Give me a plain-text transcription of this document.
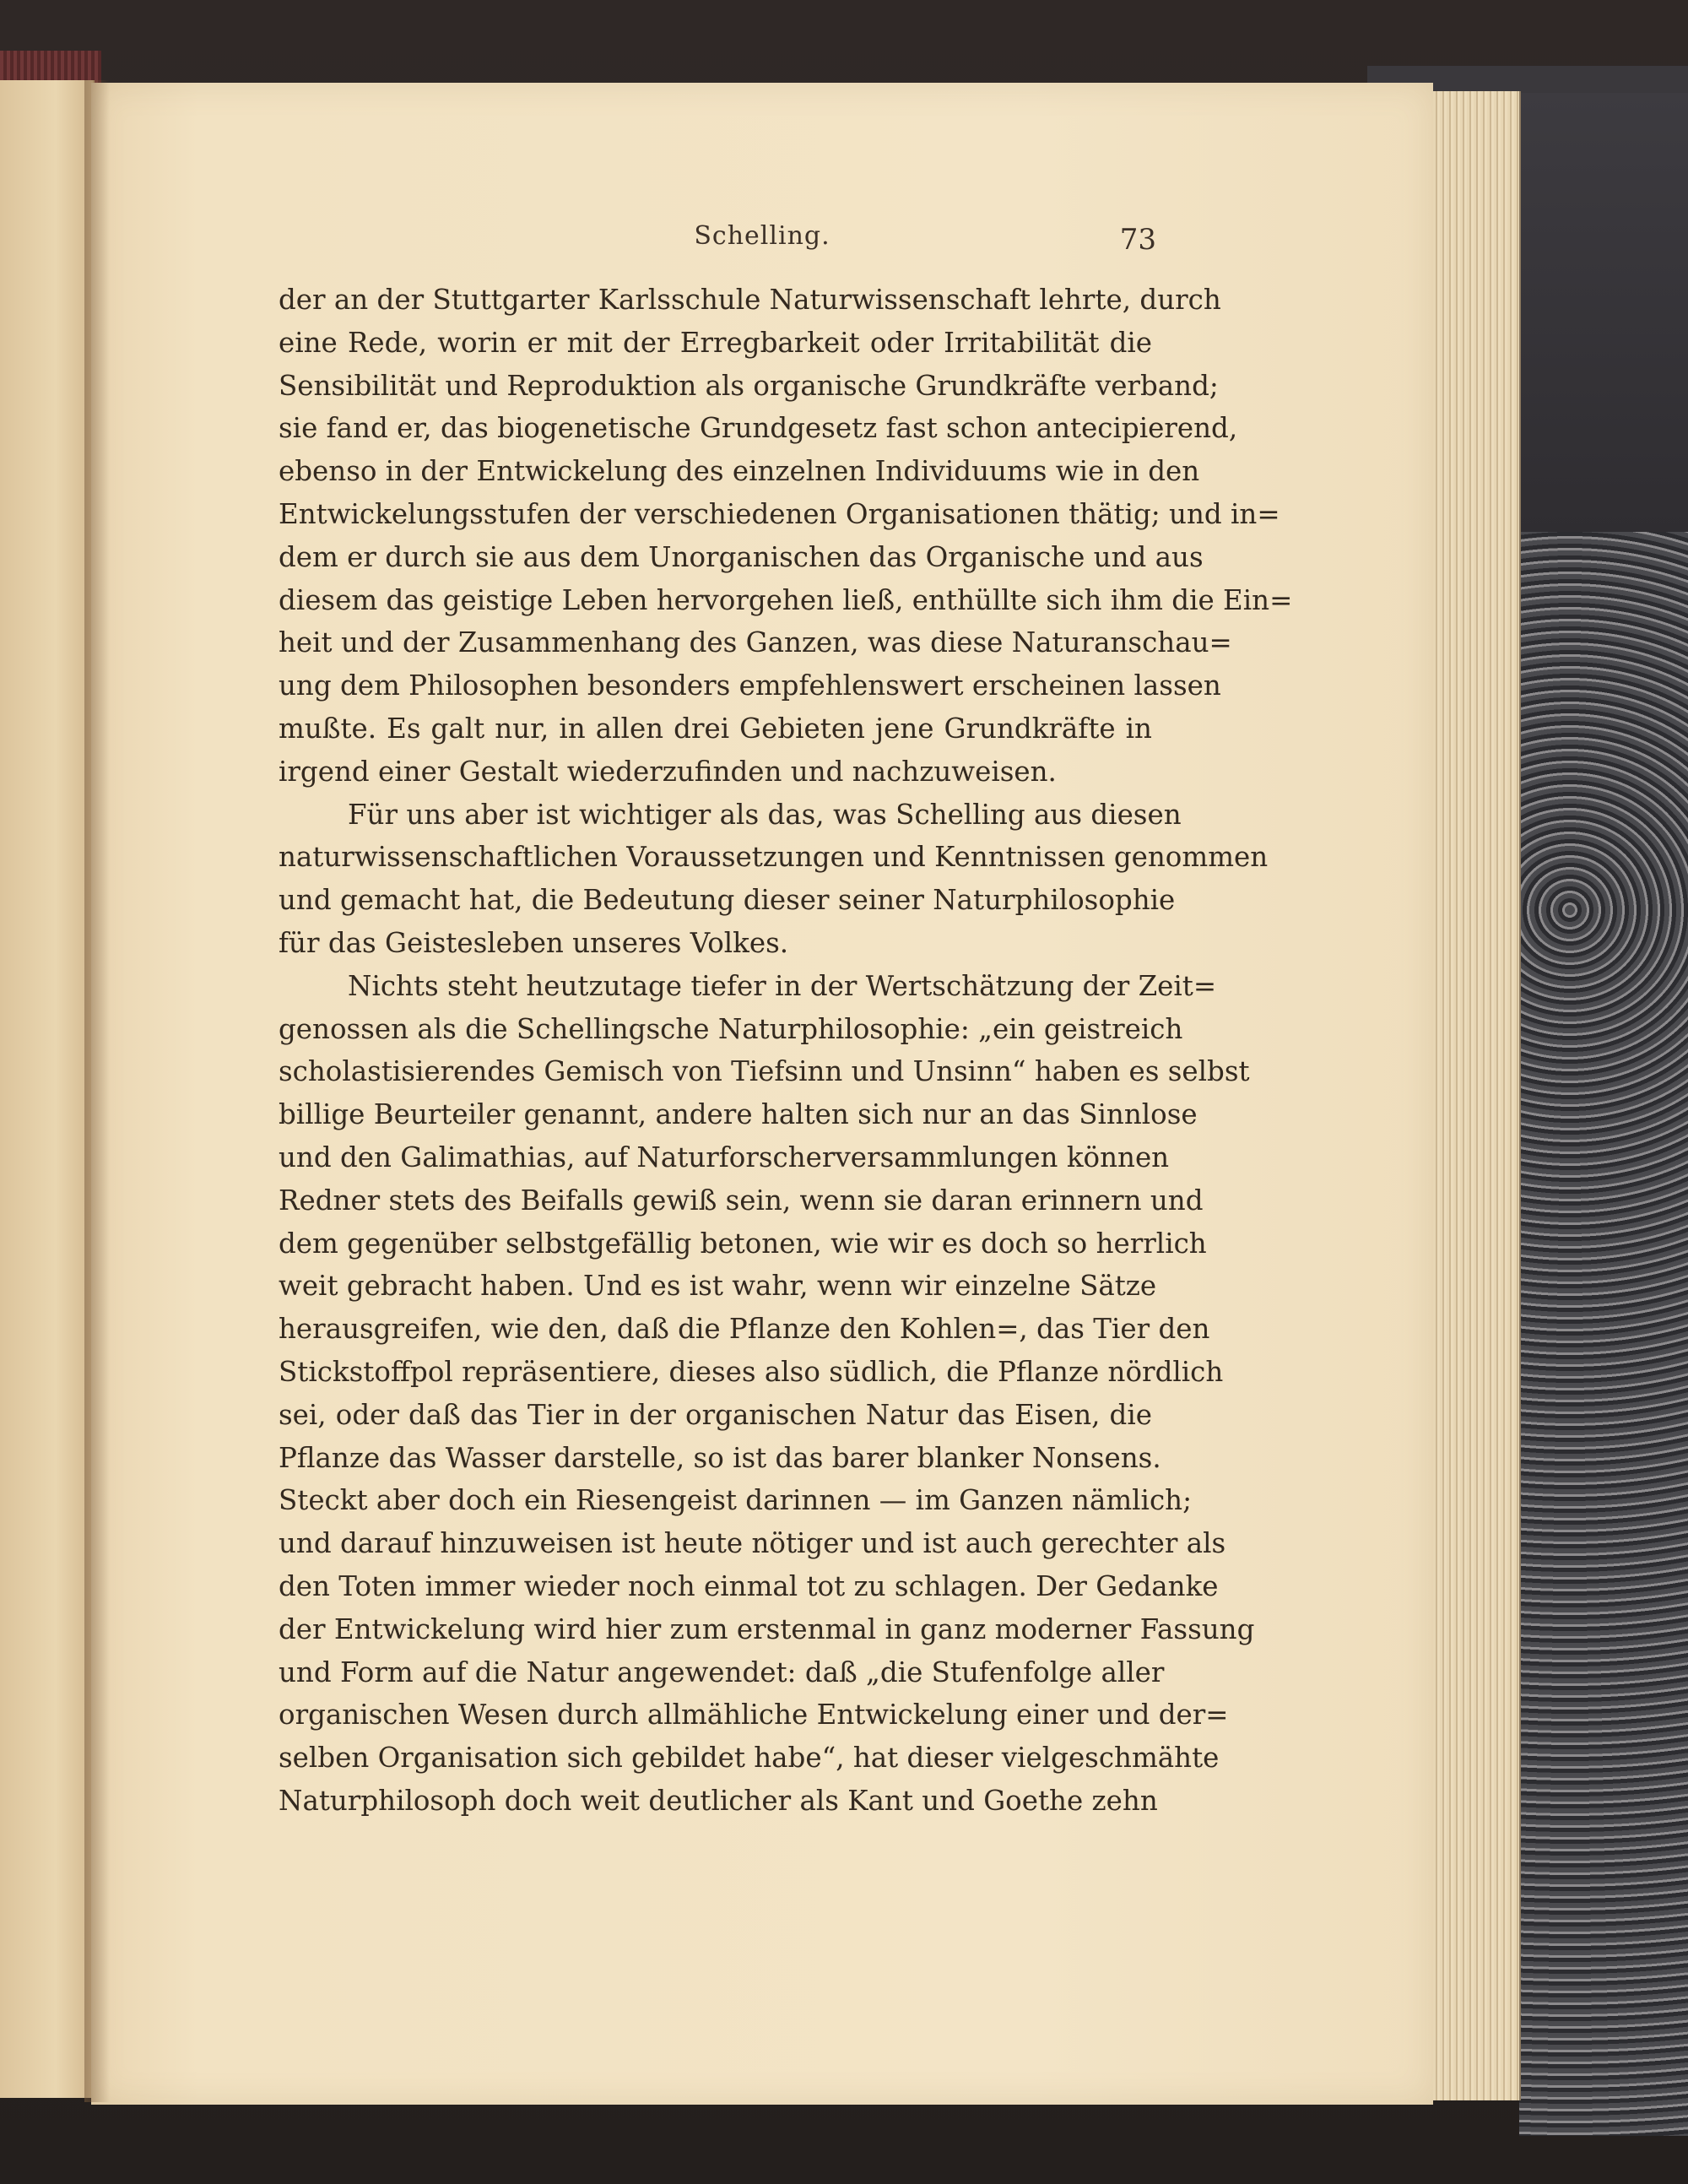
Schelling.	73
der an der Stuttgarter Karlsschule Naturwissenschaft lehrte, durch
eine Rede, worin er mit der Erregbarkeit oder Irritabilität die
Sensibilität und Reproduktion als organische Grundkräfte verband;
sie fand er, das biogenetische Grundgesetz fast schon antecipierend,
ebenso in der Entwickelung des einzelnen Individuums wie in den
Entwickelungsstufen der verschiedenen Organisationen thätig; und in=
dem er durch sie aus dem Unorganischen das Organische und aus
diesem das geistige Leben hervorgehen ließ, enthüllte sich ihm die Ein=
heit und der Zusammenhang des Ganzen, was diese Naturanschau=
ung dem Philosophen besonders empfehlenswert erscheinen lassen
mußte. Es galt nur, in allen drei Gebieten jene Grundkräfte in
irgend einer Gestalt wiederzufinden und nachzuweisen.
Für uns aber ist wichtiger als das, was Schelling aus diesen
naturwissenschaftlichen Voraussetzungen und Kenntnissen genommen
und gemacht hat, die Bedeutung dieser seiner Naturphilosophie
für das Geistesleben unseres Volkes.
Nichts steht heutzutage tiefer in der Wertschätzung der Zeit=
genossen als die Schellingsche Naturphilosophie: „ein geistreich
scholastisierendes Gemisch von Tiefsinn und Unsinn“ haben es selbst
billige Beurteiler genannt, andere halten sich nur an das Sinnlose
und den Galimathias, auf Naturforscherversammlungen können
Redner stets des Beifalls gewiß sein, wenn sie daran erinnern und
dem gegenüber selbstgefällig betonen, wie wir es doch so herrlich
weit gebracht haben. Und es ist wahr, wenn wir einzelne Sätze
herausgreifen, wie den, daß die Pflanze den Kohlen=, das Tier den
Stickstoffpol repräsentiere, dieses also südlich, die Pflanze nördlich
sei, oder daß das Tier in der organischen Natur das Eisen, die
Pflanze das Wasser darstelle, so ist das barer blanker Nonsens.
Steckt aber doch ein Riesengeist darinnen — im Ganzen nämlich;
und darauf hinzuweisen ist heute nötiger und ist auch gerechter als
den Toten immer wieder noch einmal tot zu schlagen. Der Gedanke
der Entwickelung wird hier zum erstenmal in ganz moderner Fassung
und Form auf die Natur angewendet: daß „die Stufenfolge aller
organischen Wesen durch allmähliche Entwickelung einer und der=
selben Organisation sich gebildet habe“, hat dieser vielgeschmähte
Naturphilosoph doch weit deutlicher als Kant und Goethe zehn
